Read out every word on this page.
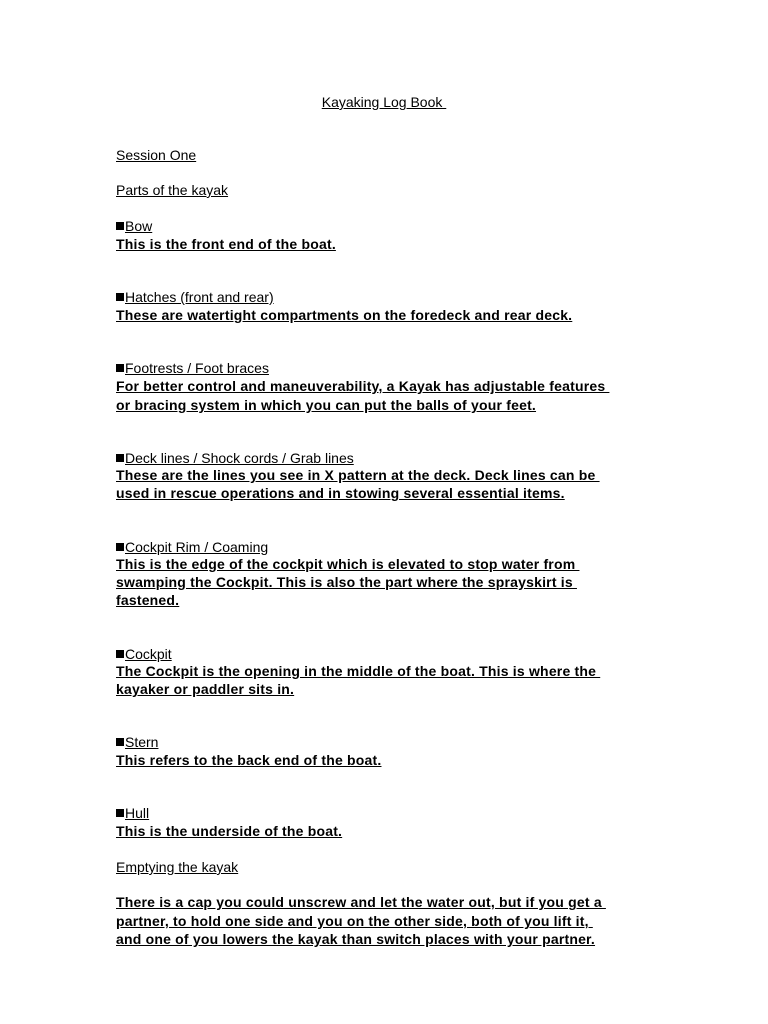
Kayaking Log Book

Session One

Parts of the kayak

Bow

This is the front end of the boat.

Hatches (front and rear)

These are watertight compartments on the foredeck and rear deck.

Footrests / Foot braces

For better control and maneuverability, a Kayak has adjustable features

or bracing system in which you can put the balls of your feet.

Deck lines / Shock cords / Grab lines

These are the lines you see in X pattern at the deck. Deck lines can be

used in rescue operations and in stowing several essential items.

Cockpit Rim / Coaming

This is the edge of the cockpit which is elevated to stop water from

swamping the Cockpit. This is also the part where the sprayskirt is

fastened.

Cockpit

The Cockpit is the opening in the middle of the boat. This is where the

kayaker or paddler sits in.

Stern

This refers to the back end of the boat.

Hull

This is the underside of the boat.

Emptying the kayak

There is a cap you could unscrew and let the water out, but if you get a

partner, to hold one side and you on the other side, both of you lift it,

and one of you lowers the kayak than switch places with your partner.
